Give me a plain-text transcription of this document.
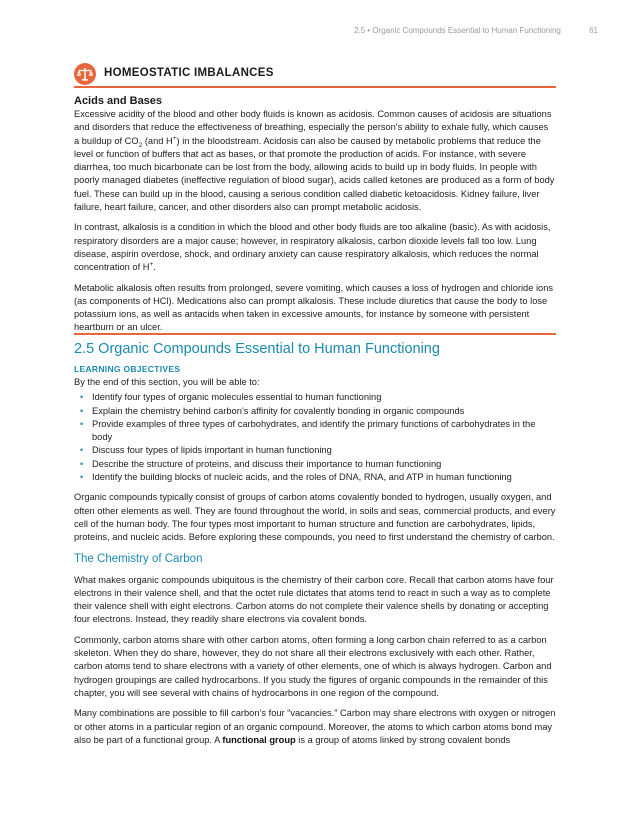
2.5 • Organic Compounds Essential to Human Functioning	61
HOMEOSTATIC IMBALANCES

Acids and Bases

Excessive acidity of the blood and other body fluids is known as acidosis. Common causes of acidosis are situations and disorders that reduce the effectiveness of breathing, especially the person's ability to exhale fully, which causes a buildup of $CO_2$ (and H+) in the bloodstream. Acidosis can also be caused by metabolic problems that reduce the level or function of buffers that act as bases, or that promote the production of acids. For instance, with severe diarrhea, too much bicarbonate can be lost from the body, allowing acids to build up in body fluids. In people with poorly managed diabetes (ineffective regulation of blood sugar), acids called ketones are produced as a form of body fuel. These can build up in the blood, causing a serious condition called diabetic ketoacidosis. Kidney failure, liver failure, heart failure, cancer, and other disorders also can prompt metabolic acidosis.

In contrast, alkalosis is a condition in which the blood and other body fluids are too alkaline (basic). As with acidosis, respiratory disorders are a major cause; however, in respiratory alkalosis, carbon dioxide levels fall too low. Lung disease, aspirin overdose, shock, and ordinary anxiety can cause respiratory alkalosis, which reduces the normal concentration of H+.

Metabolic alkalosis often results from prolonged, severe vomiting, which causes a loss of hydrogen and chloride ions (as components of HCl). Medications also can prompt alkalosis. These include diuretics that cause the body to lose potassium ions, as well as antacids when taken in excessive amounts, for instance by someone with persistent heartburn or an ulcer.

2.5 Organic Compounds Essential to Human Functioning
LEARNING OBJECTIVES

By the end of this section, you will be able to:

• Identify four types of organic molecules essential to human functioning
• Explain the chemistry behind carbon’s affinity for covalently bonding in organic compounds
• Provide examples of three types of carbohydrates, and identify the primary functions of carbohydrates in the body
• Discuss four types of lipids important in human functioning
• Describe the structure of proteins, and discuss their importance to human functioning
• Identify the building blocks of nucleic acids, and the roles of DNA, RNA, and ATP in human functioning

Organic compounds typically consist of groups of carbon atoms covalently bonded to hydrogen, usually oxygen, and often other elements as well. They are found throughout the world, in soils and seas, commercial products, and every cell of the human body. The four types most important to human structure and function are carbohydrates, lipids, proteins, and nucleic acids. Before exploring these compounds, you need to first understand the chemistry of carbon.

The Chemistry of Carbon

What makes organic compounds ubiquitous is the chemistry of their carbon core. Recall that carbon atoms have four electrons in their valence shell, and that the octet rule dictates that atoms tend to react in such a way as to complete their valence shell with eight electrons. Carbon atoms do not complete their valence shells by donating or accepting four electrons. Instead, they readily share electrons via covalent bonds.

Commonly, carbon atoms share with other carbon atoms, often forming a long carbon chain referred to as a carbon skeleton. When they do share, however, they do not share all their electrons exclusively with each other. Rather, carbon atoms tend to share electrons with a variety of other elements, one of which is always hydrogen. Carbon and hydrogen groupings are called hydrocarbons. If you study the figures of organic compounds in the remainder of this chapter, you will see several with chains of hydrocarbons in one region of the compound.

Many combinations are possible to fill carbon’s four “vacancies.” Carbon may share electrons with oxygen or nitrogen or other atoms in a particular region of an organic compound. Moreover, the atoms to which carbon atoms bond may also be part of a functional group. A functional group is a group of atoms linked by strong covalent bonds
